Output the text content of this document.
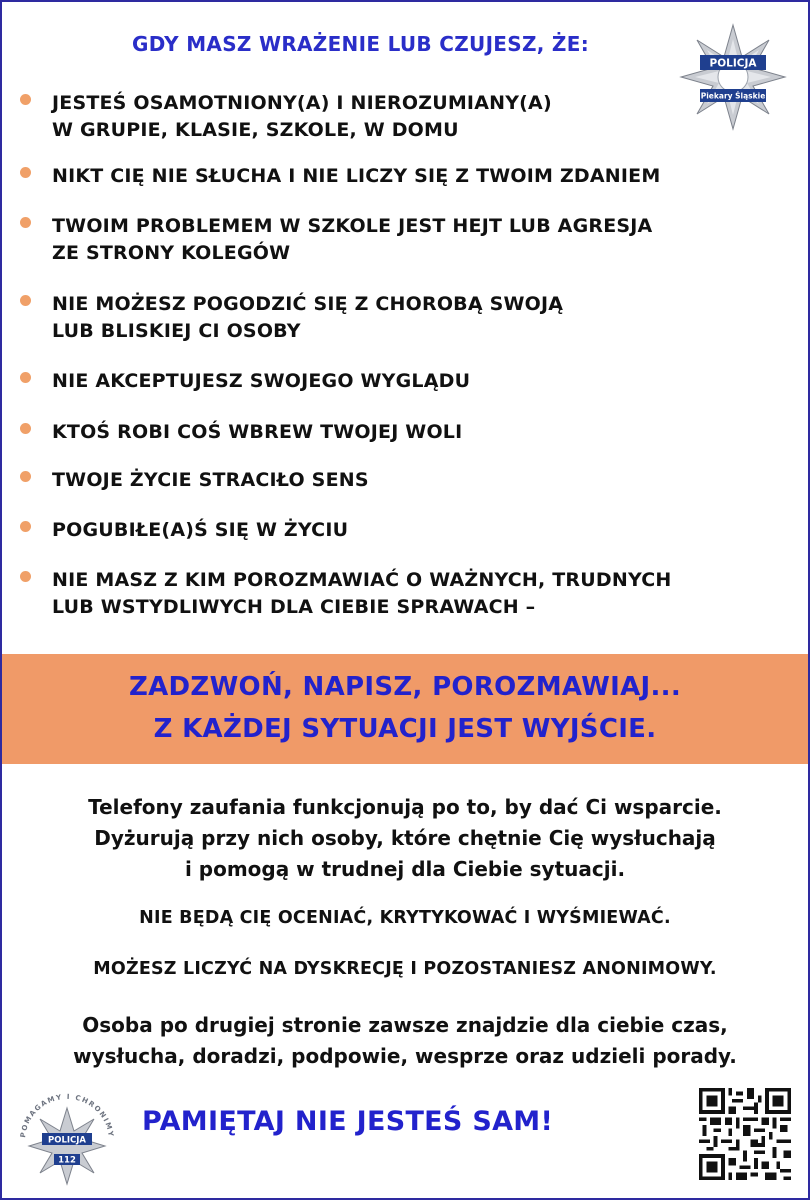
GDY MASZ WRAŻENIE LUB CZUJESZ, ŻE:
POLICJA
Piekary Śląskie
JESTEŚ OSAMOTNIONY(A) I NIEROZUMIANY(A)
W GRUPIE, KLASIE, SZKOLE, W DOMU
NIKT CIĘ NIE SŁUCHA I NIE LICZY SIĘ Z TWOIM ZDANIEM
TWOIM PROBLEMEM W SZKOLE JEST HEJT LUB AGRESJA
ZE STRONY KOLEGÓW
NIE MOŻESZ POGODZIĆ SIĘ Z CHOROBĄ SWOJĄ
LUB BLISKIEJ CI OSOBY
NIE AKCEPTUJESZ SWOJEGO WYGLĄDU
KTOŚ ROBI COŚ WBREW TWOJEJ WOLI
TWOJE ŻYCIE STRACIŁO SENS
POGUBIŁE(A)Ś SIĘ W ŻYCIU
NIE MASZ Z KIM POROZMAWIAĆ O WAŻNYCH, TRUDNYCH
LUB WSTYDLIWYCH DLA CIEBIE SPRAWACH –
ZADZWOŃ, NAPISZ, POROZMAWIAJ...
Z KAŻDEJ SYTUACJI JEST WYJŚCIE.
Telefony zaufania funkcjonują po to, by dać Ci wsparcie.
Dyżurują przy nich osoby, które chętnie Cię wysłuchają
i pomogą w trudnej dla Ciebie sytuacji.
NIE BĘDĄ CIĘ OCENIAĆ, KRYTYKOWAĆ I WYŚMIEWAĆ.
MOŻESZ LICZYĆ NA DYSKRECJĘ I POZOSTANIESZ ANONIMOWY.
Osoba po drugiej stronie zawsze znajdzie dla ciebie czas,
wysłucha, doradzi, podpowie, wesprze oraz udzieli porady.
POMAGAMY I CHRONIMY
POLICJA
112
PAMIĘTAJ NIE JESTEŚ SAM!
